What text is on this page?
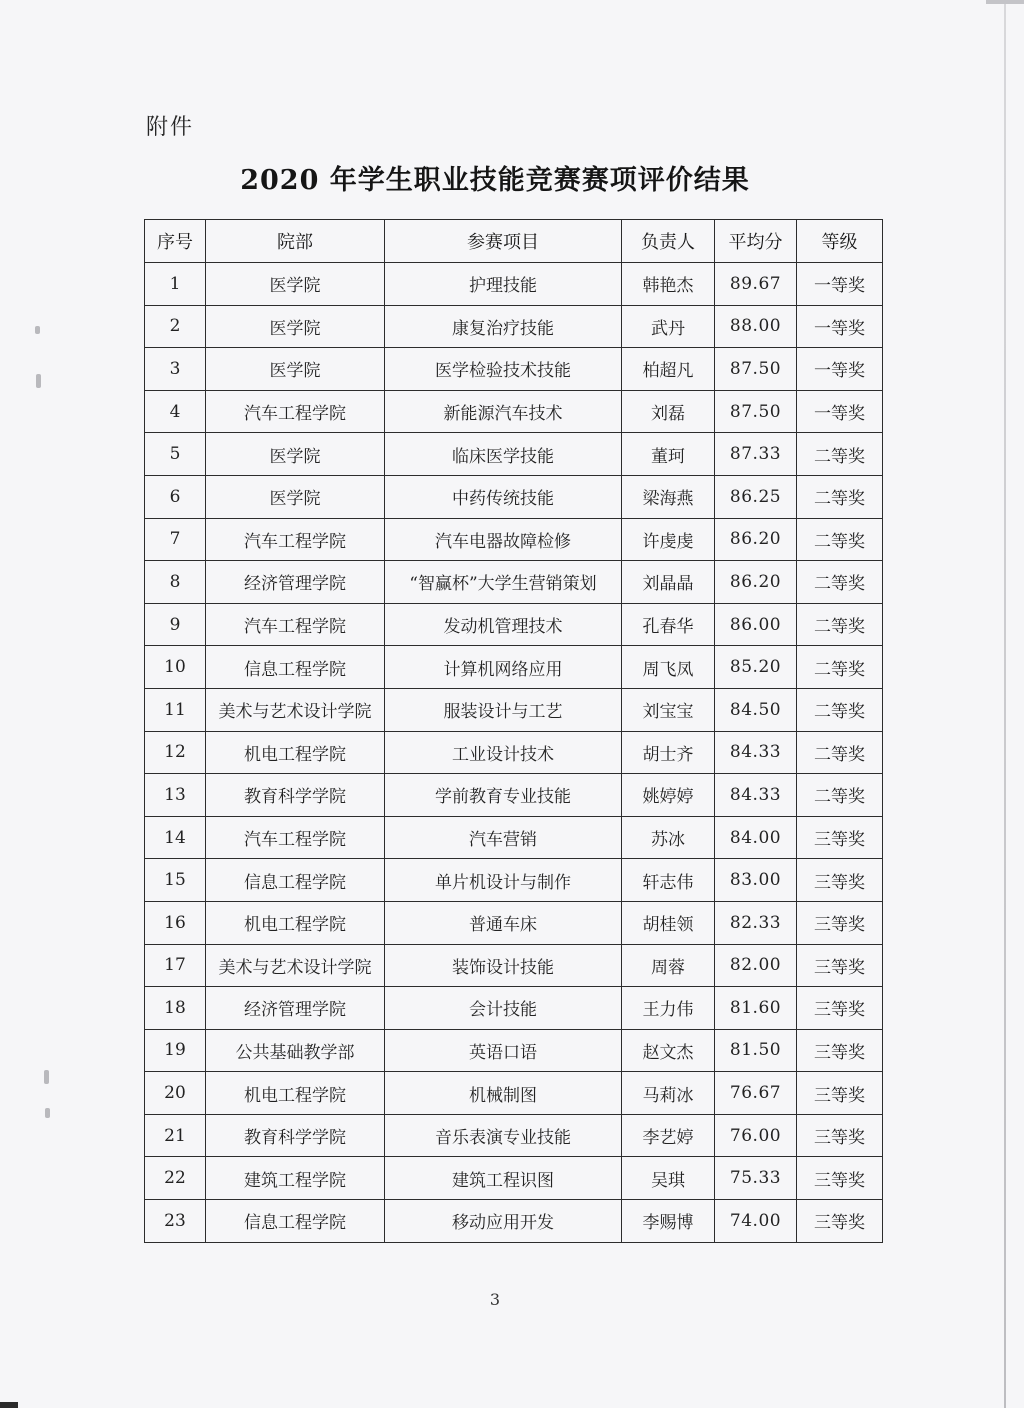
附件
2020 年学生职业技能竞赛赛项评价结果
序号	院部	参赛项目	负责人	平均分	等级
1	医学院	护理技能	韩艳杰	89.67	一等奖
2	医学院	康复治疗技能	武丹	88.00	一等奖
3	医学院	医学检验技术技能	柏超凡	87.50	一等奖
4	汽车工程学院	新能源汽车技术	刘磊	87.50	一等奖
5	医学院	临床医学技能	董珂	87.33	二等奖
6	医学院	中药传统技能	梁海燕	86.25	二等奖
7	汽车工程学院	汽车电器故障检修	许虔虔	86.20	二等奖
8	经济管理学院	“智赢杯”大学生营销策划	刘晶晶	86.20	二等奖
9	汽车工程学院	发动机管理技术	孔春华	86.00	二等奖
10	信息工程学院	计算机网络应用	周飞凤	85.20	二等奖
11	美术与艺术设计学院	服装设计与工艺	刘宝宝	84.50	二等奖
12	机电工程学院	工业设计技术	胡士齐	84.33	二等奖
13	教育科学学院	学前教育专业技能	姚婷婷	84.33	二等奖
14	汽车工程学院	汽车营销	苏冰	84.00	三等奖
15	信息工程学院	单片机设计与制作	轩志伟	83.00	三等奖
16	机电工程学院	普通车床	胡桂领	82.33	三等奖
17	美术与艺术设计学院	装饰设计技能	周蓉	82.00	三等奖
18	经济管理学院	会计技能	王力伟	81.60	三等奖
19	公共基础教学部	英语口语	赵文杰	81.50	三等奖
20	机电工程学院	机械制图	马莉冰	76.67	三等奖
21	教育科学学院	音乐表演专业技能	李艺婷	76.00	三等奖
22	建筑工程学院	建筑工程识图	吴琪	75.33	三等奖
23	信息工程学院	移动应用开发	李赐博	74.00	三等奖
3
